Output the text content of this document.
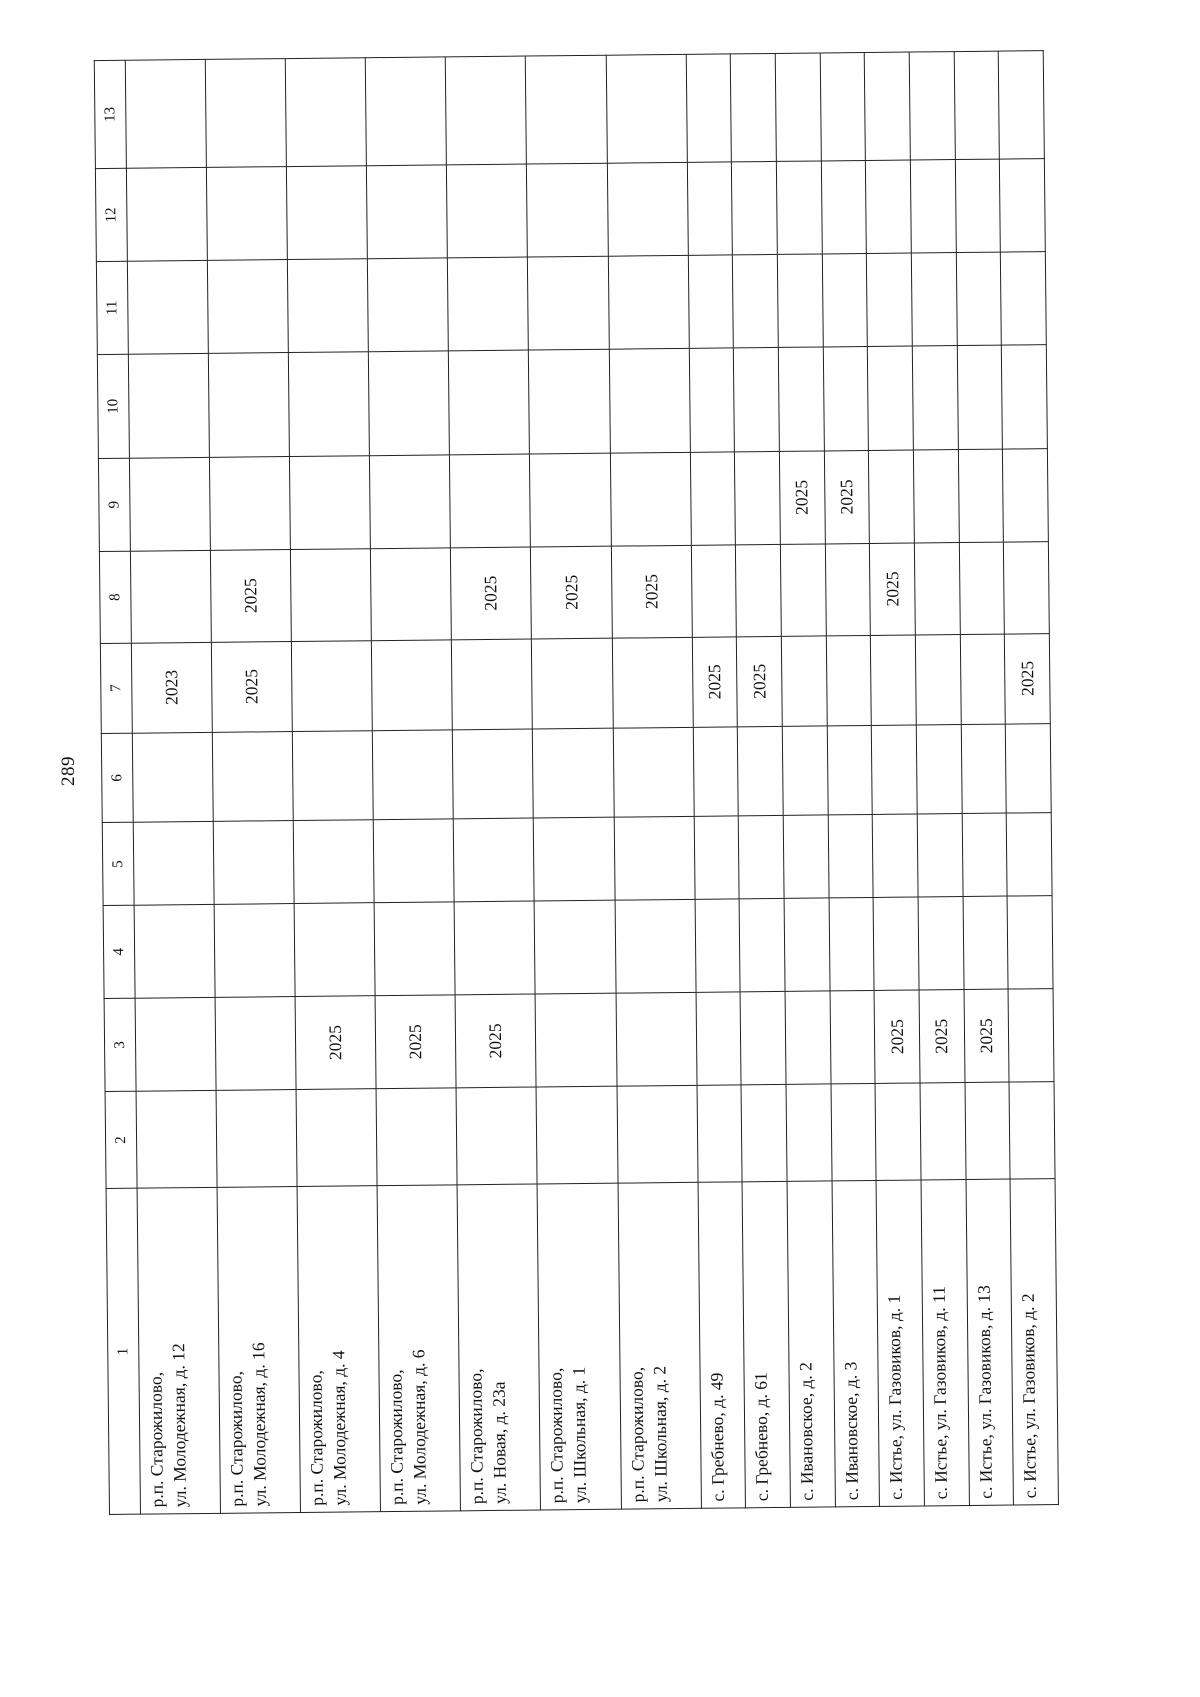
289
1	2	3	4	5	6	7	8	9	10	11	12	13
р.п. Старожилово,
ул. Молодежная, д. 12						2023						
р.п. Старожилово,
ул. Молодежная, д. 16						2025	2025					
р.п. Старожилово,
ул. Молодежная, д. 4		2025										
р.п. Старожилово,
ул. Молодежная, д. 6		2025										
р.п. Старожилово,
ул. Новая, д. 23а		2025					2025					
р.п. Старожилово,
ул. Школьная, д. 1							2025					
р.п. Старожилово,
ул. Школьная, д. 2							2025					
с. Гребнево, д. 49						2025						
с. Гребнево, д. 61						2025						
с. Ивановское, д. 2								2025				
с. Ивановское, д. 3								2025				
с. Истье, ул. Газовиков, д. 1		2025					2025					
с. Истье, ул. Газовиков, д. 11		2025										
с. Истье, ул. Газовиков, д. 13		2025										
с. Истье, ул. Газовиков, д. 2						2025						
